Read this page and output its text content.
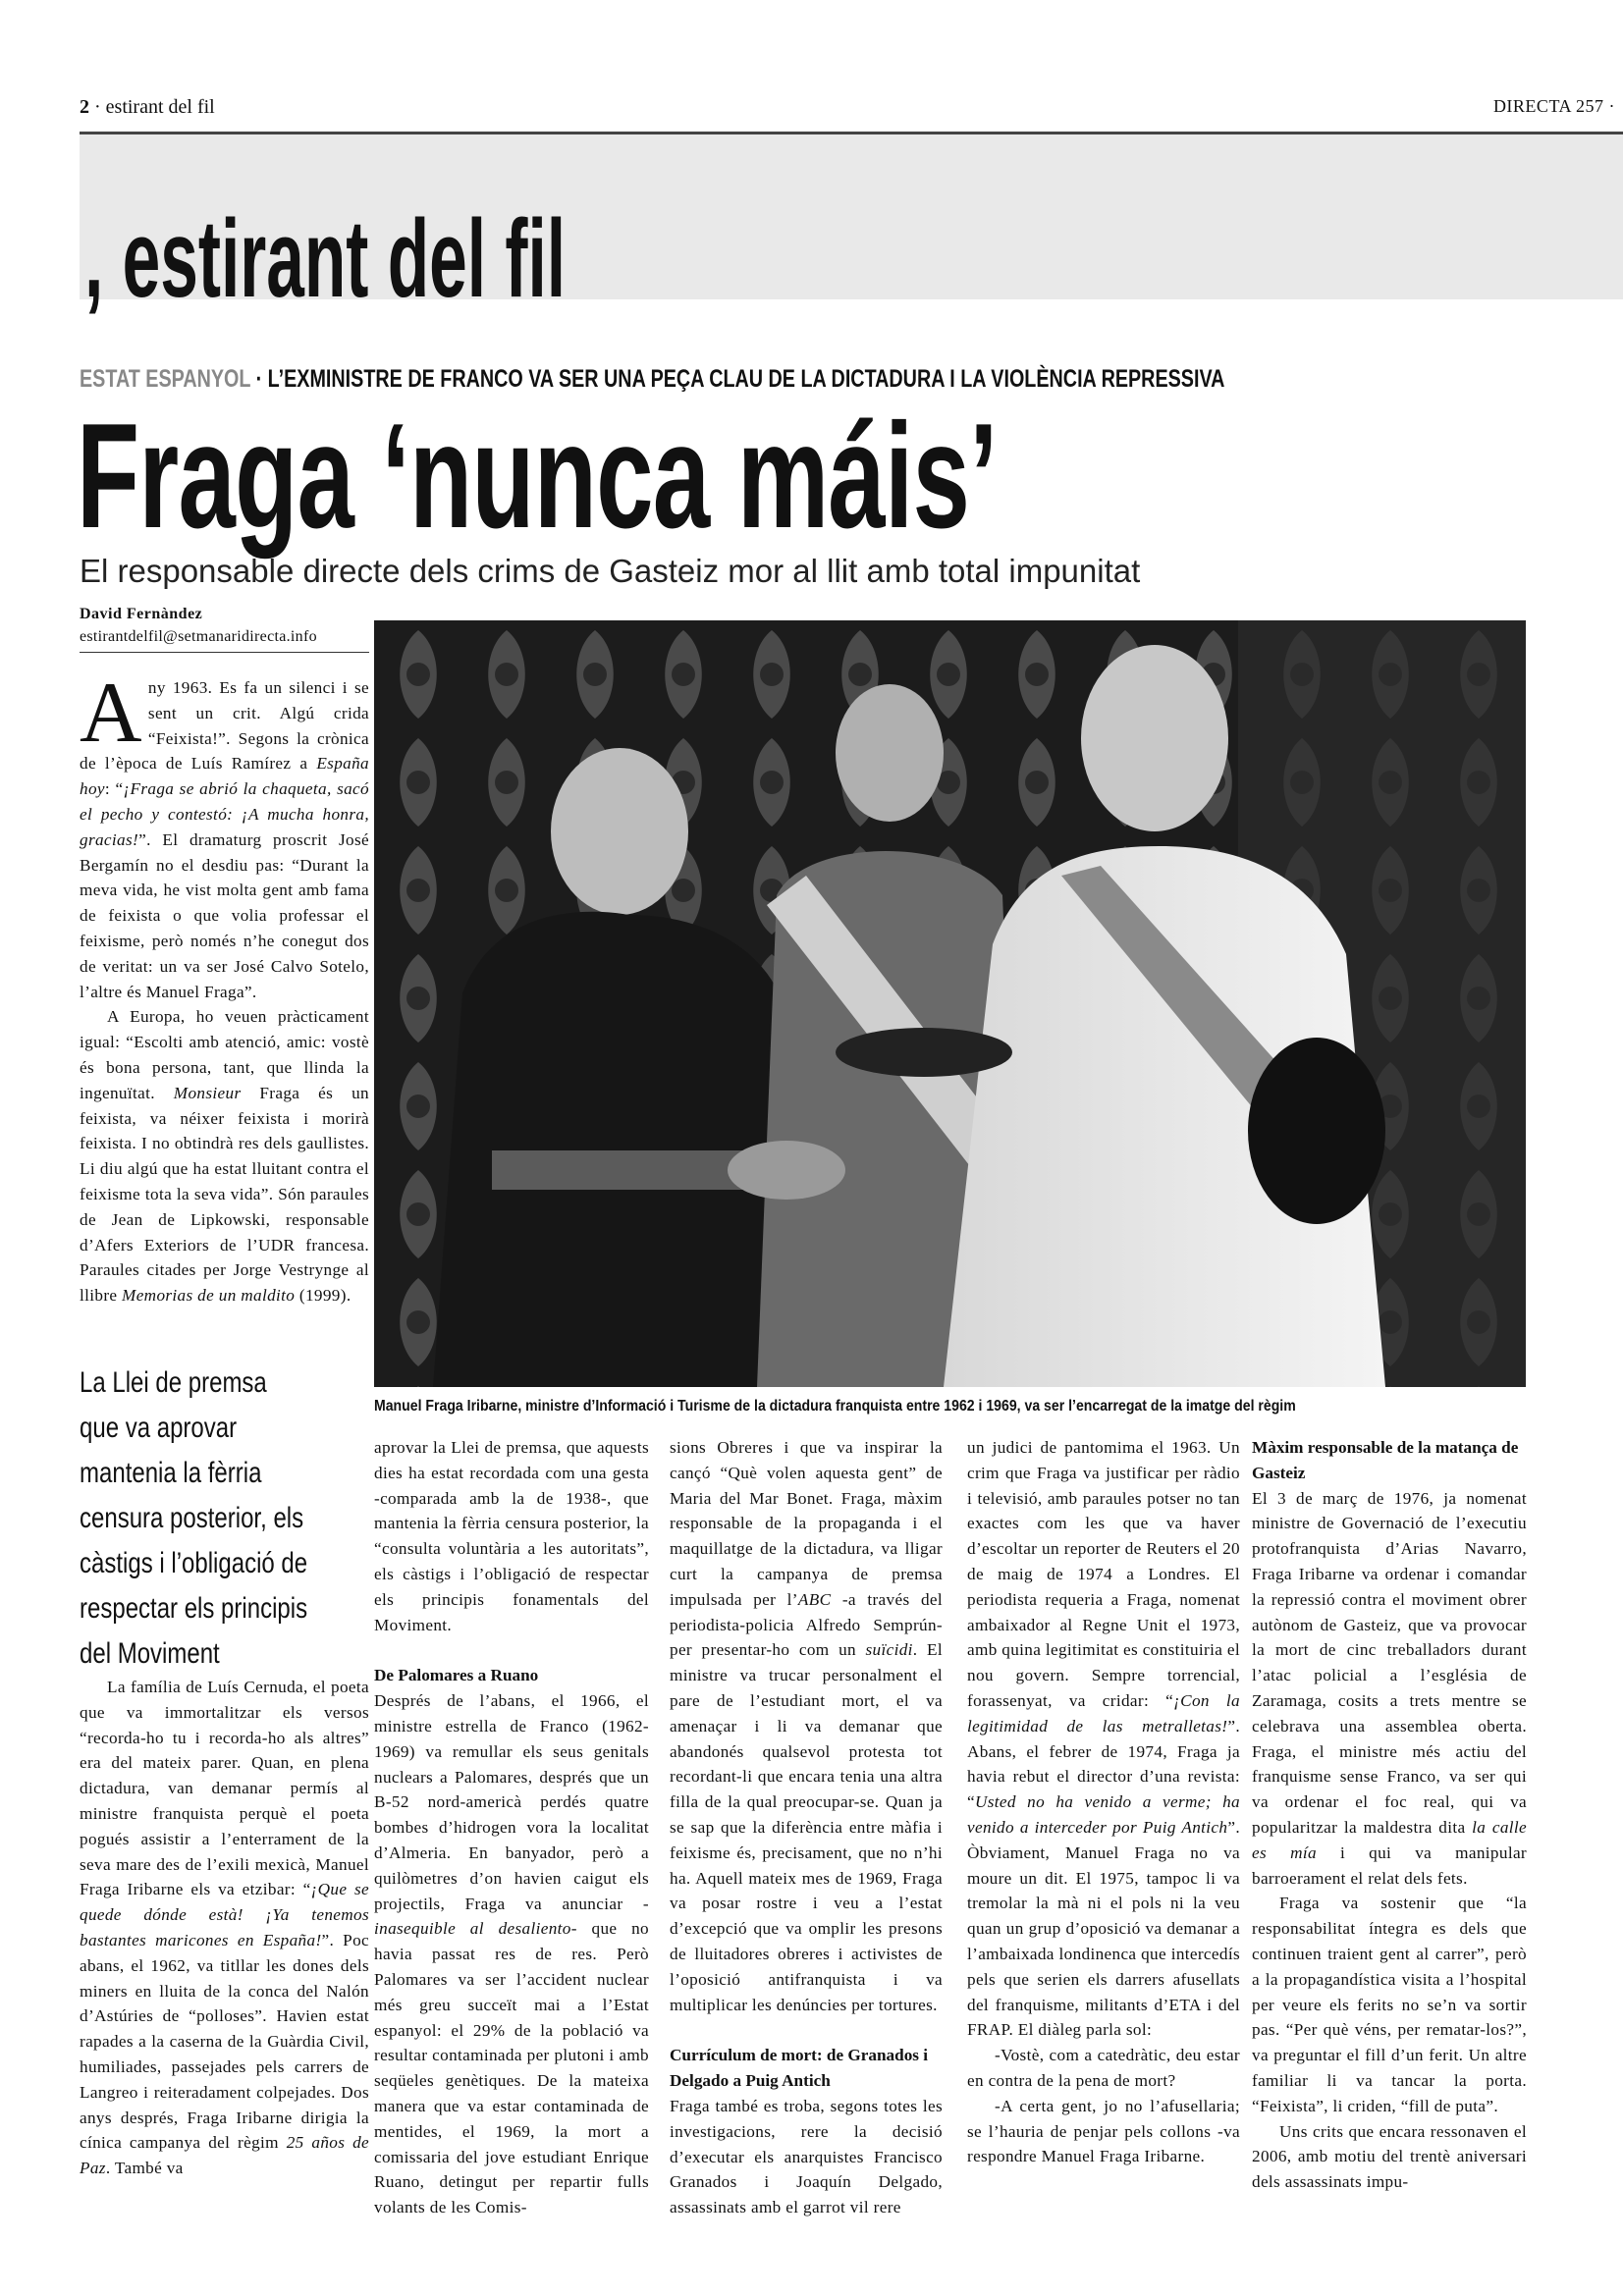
2 · estirant del fil	DIRECTA 257 ·
, estirant del fil
ESTAT ESPANYOL · L’EXMINISTRE DE FRANCO VA SER UNA PEÇA CLAU DE LA DICTADURA I LA VIOLÈNCIA REPRESSIVA
Fraga ‘nunca máis’
El responsable directe dels crims de Gasteiz mor al llit amb total impunitat
David Fernàndez
estirantdelfil@setmanaridirecta.info
Manuel Fraga Iribarne, ministre d’Informació i Turisme de la dictadura franquista entre 1962 i 1969, va ser l’encarregat de la imatge del règim
La Llei de premsa
que va aprovar
mantenia la fèrria
censura posterior, els
càstigs i l’obligació de
respectar els principis
del Moviment

Any 1963. Es fa un silenci i se sent un crit. Algú crida “Feixista!”. Segons la crònica de l’època de Luís Ramírez a España hoy: “¡Fraga se abrió la chaqueta, sacó el pecho y contestó: ¡A mucha honra, gracias!”. El dramaturg proscrit José Bergamín no el desdiu pas: “Durant la meva vida, he vist molta gent amb fama de feixista o que volia professar el feixisme, però només n’he conegut dos de veritat: un va ser José Calvo Sotelo, l’altre és Manuel Fraga”.

A Europa, ho veuen pràcticament igual: “Escolti amb atenció, amic: vostè és bona persona, tant, que llinda la ingenuïtat. Monsieur Fraga és un feixista, va néixer feixista i morirà feixista. I no obtindrà res dels gaullistes. Li diu algú que ha estat lluitant contra el feixisme tota la seva vida”. Són paraules de Jean de Lipkowski, responsable d’Afers Exteriors de l’UDR francesa. Paraules citades per Jorge Vestrynge al llibre Memorias de un maldito (1999).

La família de Luís Cernuda, el poeta que va immortalitzar els versos “recorda-ho tu i recorda-ho als altres” era del mateix parer. Quan, en plena dictadura, van demanar permís al ministre franquista perquè el poeta pogués assistir a l’enterrament de la seva mare des de l’exili mexicà, Manuel Fraga Iribarne els va etzibar: “¡Que se quede dónde està! ¡Ya tenemos bastantes maricones en España!”. Poc abans, el 1962, va titllar les dones dels miners en lluita de la conca del Nalón d’Astúries de “polloses”. Havien estat rapades a la caserna de la Guàrdia Civil, humiliades, passejades pels carrers de Langreo i reiteradament colpejades. Dos anys després, Fraga Iribarne dirigia la cínica campanya del règim 25 años de Paz. També va

aprovar la Llei de premsa, que aquests dies ha estat recordada com una gesta -comparada amb la de 1938-, que mantenia la fèrria censura posterior, la “consulta voluntària a les autoritats”, els càstigs i l’obligació de respectar els principis fonamentals del Moviment.

De Palomares a Ruano

Després de l’abans, el 1966, el ministre estrella de Franco (1962-1969) va remullar els seus genitals nuclears a Palomares, després que un B-52 nord-americà perdés quatre bombes d’hidrogen vora la localitat d’Almeria. En banyador, però a quilòmetres d’on havien caigut els projectils, Fraga va anunciar -inasequible al desaliento- que no havia passat res de res. Però Palomares va ser l’accident nuclear més greu succeït mai a l’Estat espanyol: el 29% de la població va resultar contaminada per plutoni i amb seqüeles genètiques. De la mateixa manera que va estar contaminada de mentides, el 1969, la mort a comissaria del jove estudiant Enrique Ruano, detingut per repartir fulls volants de les Comis-

sions Obreres i que va inspirar la cançó “Què volen aquesta gent” de Maria del Mar Bonet. Fraga, màxim responsable de la propaganda i el maquillatge de la dictadura, va lligar curt la campanya de premsa impulsada per l’ABC -a través del periodista-policia Alfredo Semprún- per presentar-ho com un suïcidi. El ministre va trucar personalment el pare de l’estudiant mort, el va amenaçar i li va demanar que abandonés qualsevol protesta tot recordant-li que encara tenia una altra filla de la qual preocupar-se. Quan ja se sap que la diferència entre màfia i feixisme és, precisament, que no n’hi ha. Aquell mateix mes de 1969, Fraga va posar rostre i veu a l’estat d’excepció que va omplir les presons de lluitadores obreres i activistes de l’oposició antifranquista i va multiplicar les denúncies per tortures.

Currículum de mort: de Granados i Delgado a Puig Antich

Fraga també es troba, segons totes les investigacions, rere la decisió d’executar els anarquistes Francisco Granados i Joaquín Delgado, assassinats amb el garrot vil rere

un judici de pantomima el 1963. Un crim que Fraga va justificar per ràdio i televisió, amb paraules potser no tan exactes com les que va haver d’escoltar un reporter de Reuters el 20 de maig de 1974 a Londres. El periodista requeria a Fraga, nomenat ambaixador al Regne Unit el 1973, amb quina legitimitat es constituiria el nou govern. Sempre torrencial, forassenyat, va cridar: “¡Con la legitimidad de las metralletas!”. Abans, el febrer de 1974, Fraga ja havia rebut el director d’una revista: “Usted no ha venido a verme; ha venido a interceder por Puig Antich”. Òbviament, Manuel Fraga no va moure un dit. El 1975, tampoc li va tremolar la mà ni el pols ni la veu quan un grup d’oposició va demanar a l’ambaixada londinenca que intercedís pels que serien els darrers afusellats del franquisme, militants d’ETA i del FRAP. El diàleg parla sol:

-Vostè, com a catedràtic, deu estar en contra de la pena de mort?

-A certa gent, jo no l’afusellaria; se l’hauria de penjar pels collons -va respondre Manuel Fraga Iribarne.

Màxim responsable de la matança de Gasteiz

El 3 de març de 1976, ja nomenat ministre de Governació de l’executiu protofranquista d’Arias Navarro, Fraga Iribarne va ordenar i comandar la repressió contra el moviment obrer autònom de Gasteiz, que va provocar la mort de cinc treballadors durant l’atac policial a l’església de Zaramaga, cosits a trets mentre se celebrava una assemblea oberta. Fraga, el ministre més actiu del franquisme sense Franco, va ser qui va ordenar el foc real, qui va popularitzar la maldestra dita la calle es mía i qui va manipular barroerament el relat dels fets.

Fraga va sostenir que “la responsabilitat íntegra es dels que continuen traient gent al carrer”, però a la propagandística visita a l’hospital per veure els ferits no se’n va sortir pas. “Per què véns, per rematar-los?”, va preguntar el fill d’un ferit. Un altre familiar li va tancar la porta. “Feixista”, li criden, “fill de puta”.

Uns crits que encara ressonaven el 2006, amb motiu del trentè aniversari dels assassinats impu-
